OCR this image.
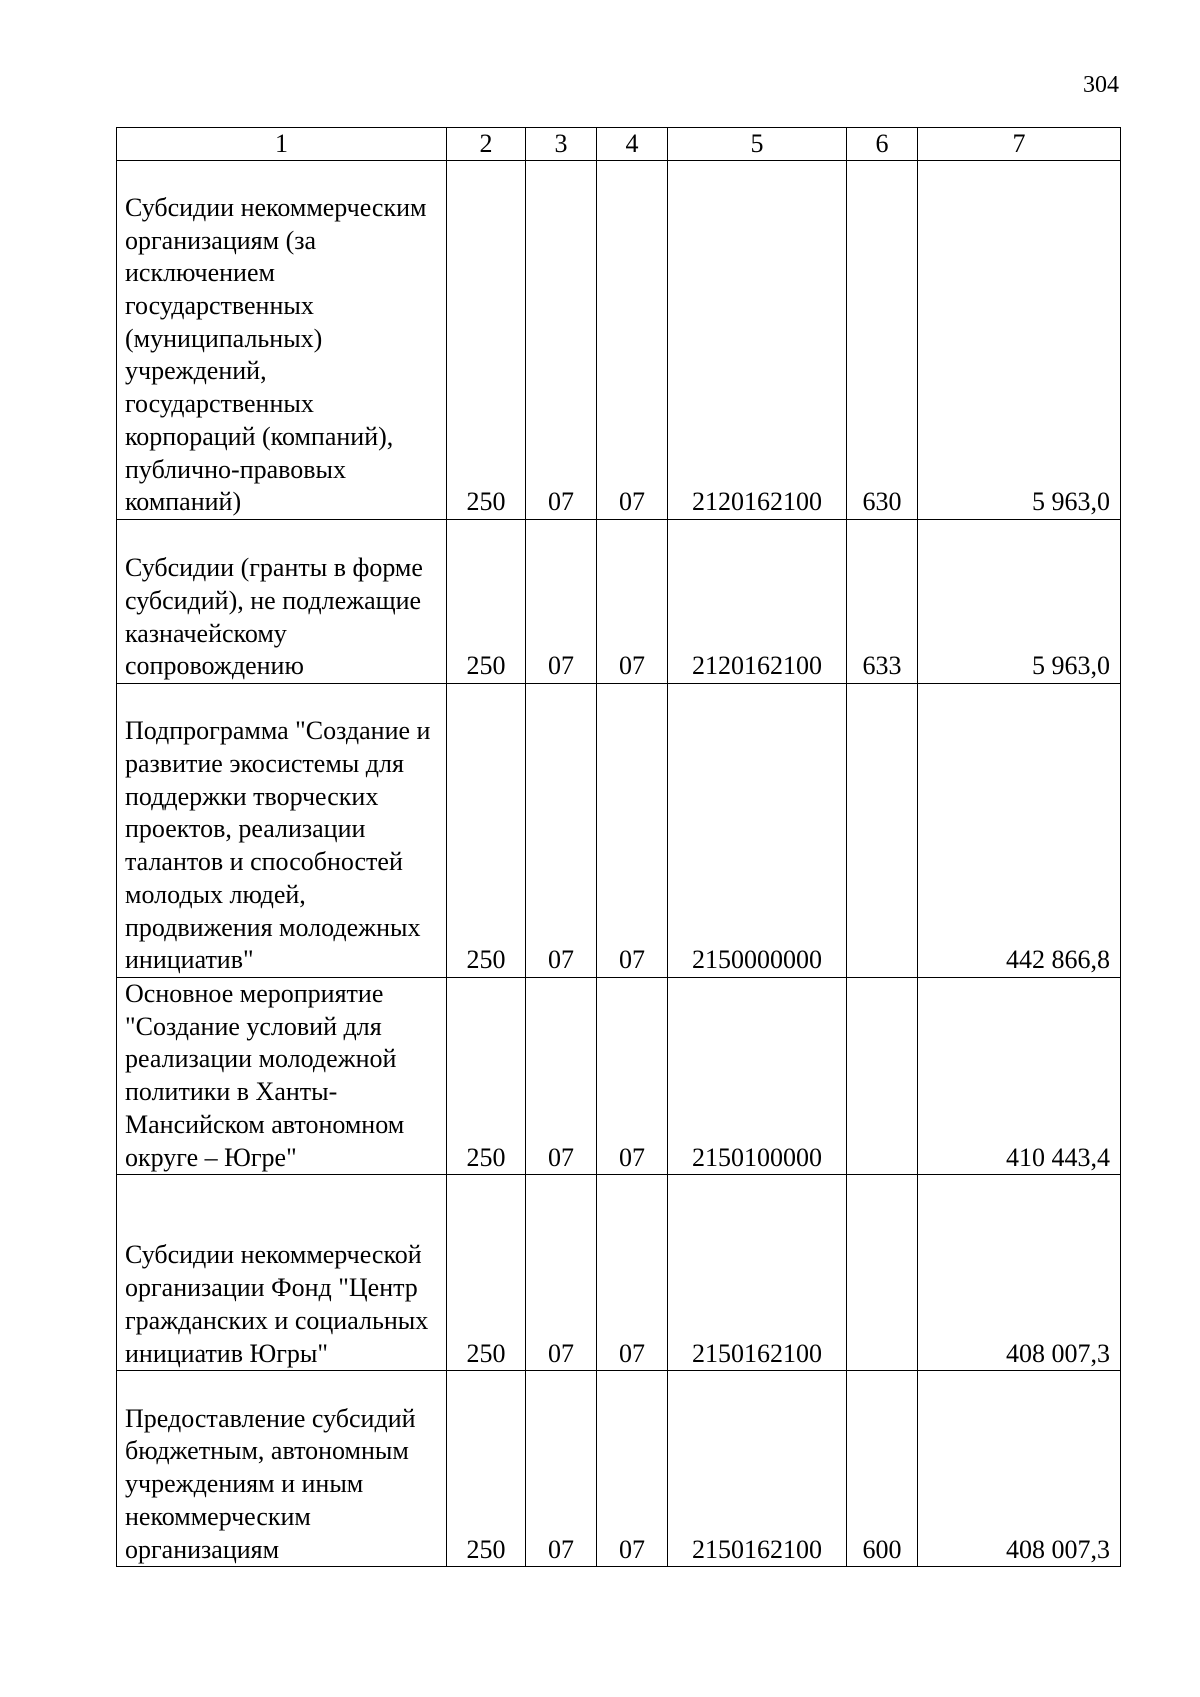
304
1	2	3	4	5	6	7
Субсидии некоммерческим организациям (за исключением государственных (муниципальных) учреждений, государственных корпораций (компаний), публично-правовых компаний)	250	07	07	2120162100	630	5 963,0
Субсидии (гранты в форме субсидий), не подлежащие казначейскому сопровождению	250	07	07	2120162100	633	5 963,0
Подпрограмма "Создание и развитие экосистемы для поддержки творческих проектов, реализации талантов и способностей молодых людей, продвижения молодежных инициатив"	250	07	07	2150000000		442 866,8
Основное мероприятие "Создание условий для реализации молодежной политики в Ханты-Мансийском автономном округе – Югре"	250	07	07	2150100000		410 443,4
Субсидии некоммерческой организации Фонд "Центр гражданских и социальных инициатив Югры"	250	07	07	2150162100		408 007,3
Предоставление субсидий бюджетным, автономным учреждениям и иным некоммерческим организациям	250	07	07	2150162100	600	408 007,3
